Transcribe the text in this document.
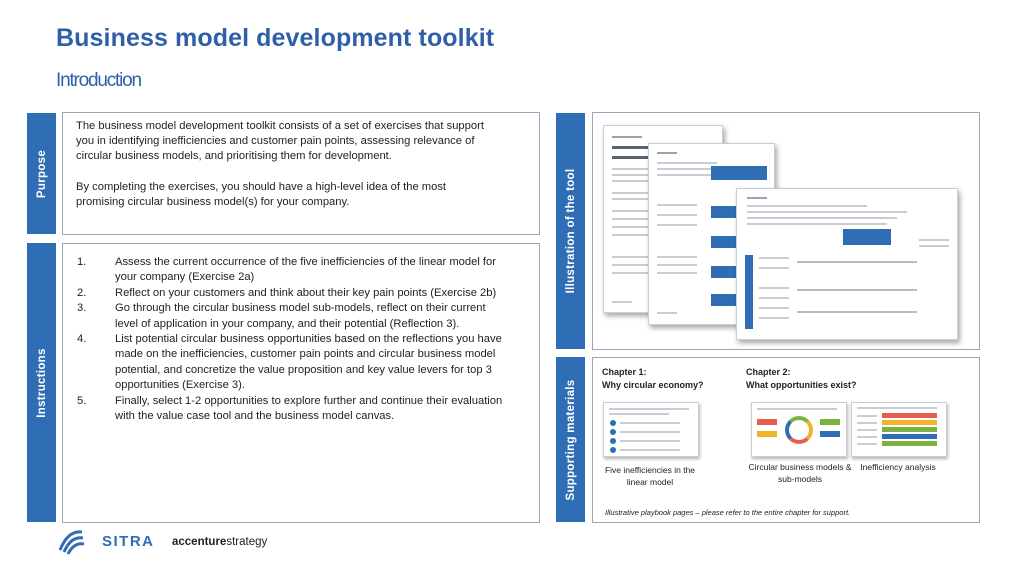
Business model development toolkit
Introduction
Purpose
The business model development toolkit consists of a set of exercises that support you in identifying inefficiencies and customer pain points, assessing relevance of circular business models, and prioritising them for development.
By completing the exercises, you should have a high-level idea of the most promising circular business model(s) for your company.
Instructions
1.	Assess the current occurrence of the five inefficiencies of the linear model for your company (Exercise 2a)
2.	Reflect on your customers and think about their key pain points (Exercise 2b)
3.	Go through the circular business model sub-models, reflect on their current level of application in your company, and their potential (Reflection 3).
4.	List potential circular business opportunities based on the reflections you have made on the inefficiencies, customer pain points and circular business model potential, and concretize the value proposition and key value levers for top 3 opportunities (Exercise 3).
5.	Finally, select 1-2 opportunities to explore further and continue their evaluation with the value case tool and the business model canvas.
Illustration of the tool
Supporting materials
Chapter 1:
Why circular economy?
Chapter 2:
What opportunities exist?
Five inefficiencies in the linear model
Circular business models & sub-models
Inefficiency analysis
Illustrative playbook pages – please refer to the entire chapter for support.
SITRA accenturestrategy
